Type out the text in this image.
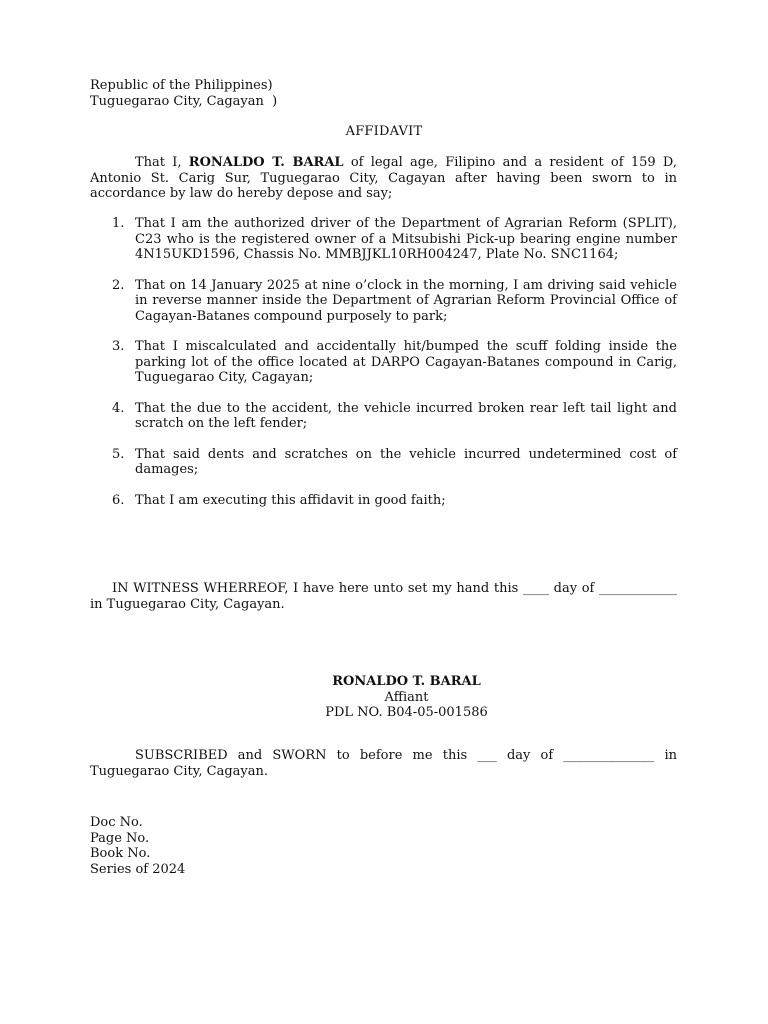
Republic of the Philippines)
Tuguegarao City, Cagayan  )
AFFIDAVIT
That I, RONALDO T. BARAL of legal age, Filipino and a resident of 159 D, Antonio St. Carig Sur, Tuguegarao City, Cagayan after having been sworn to in accordance by law do hereby depose and say;
1. That I am the authorized driver of the Department of Agrarian Reform (SPLIT), C23 who is the registered owner of a Mitsubishi Pick-up bearing engine number 4N15UKD1596, Chassis No. MMBJJKL10RH004247, Plate No. SNC1164;
2. That on 14 January 2025 at nine o’clock in the morning, I am driving said vehicle in reverse manner inside the Department of Agrarian Reform Provincial Office of Cagayan-Batanes compound purposely to park;
3. That I miscalculated and accidentally hit/bumped the scuff folding inside the parking lot of the office located at DARPO Cagayan-Batanes compound in Carig, Tuguegarao City, Cagayan;
4. That the due to the accident, the vehicle incurred broken rear left tail light and scratch on the left fender;
5. That said dents and scratches on the vehicle incurred undetermined cost of damages;
6. That I am executing this affidavit in good faith;
IN WITNESS WHERREOF, I have here unto set my hand this ____ day of ____________ in Tuguegarao City, Cagayan.
RONALDO T. BARAL
Affiant
PDL NO. B04-05-001586
SUBSCRIBED and SWORN to before me this ___ day of ______________ in Tuguegarao City, Cagayan.
Doc No.
Page No.
Book No.
Series of 2024
